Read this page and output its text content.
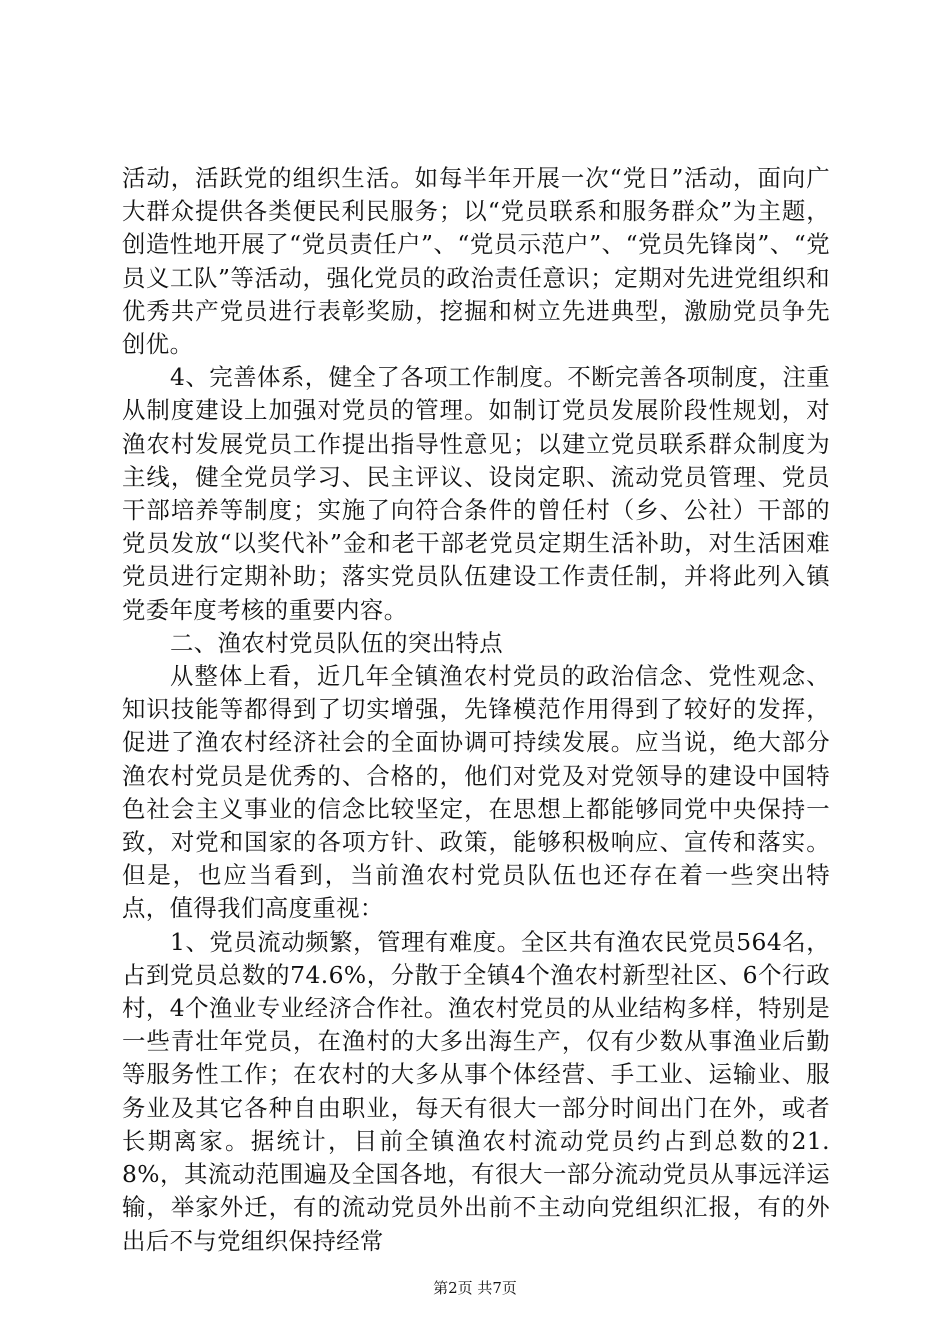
活动，活跃党的组织生活。如每半年开展一次“党日”活动，面向广大群众提供各类便民利民服务；以“党员联系和服务群众”为主题，创造性地开展了“党员责任户”、“党员示范户”、“党员先锋岗”、“党员义工队”等活动，强化党员的政治责任意识；定期对先进党组织和优秀共产党员进行表彰奖励，挖掘和树立先进典型，激励党员争先创优。

4、完善体系，健全了各项工作制度。不断完善各项制度，注重从制度建设上加强对党员的管理。如制订党员发展阶段性规划，对渔农村发展党员工作提出指导性意见；以建立党员联系群众制度为主线，健全党员学习、民主评议、设岗定职、流动党员管理、党员干部培养等制度；实施了向符合条件的曾任村（乡、公社）干部的党员发放“以奖代补”金和老干部老党员定期生活补助，对生活困难党员进行定期补助；落实党员队伍建设工作责任制，并将此列入镇党委年度考核的重要内容。

二、渔农村党员队伍的突出特点

从整体上看，近几年全镇渔农村党员的政治信念、党性观念、知识技能等都得到了切实增强，先锋模范作用得到了较好的发挥，促进了渔农村经济社会的全面协调可持续发展。应当说，绝大部分渔农村党员是优秀的、合格的，他们对党及对党领导的建设中国特色社会主义事业的信念比较坚定，在思想上都能够同党中央保持一致，对党和国家的各项方针、政策，能够积极响应、宣传和落实。但是，也应当看到，当前渔农村党员队伍也还存在着一些突出特点，值得我们高度重视：

1、党员流动频繁，管理有难度。全区共有渔农民党员564名，占到党员总数的74.6%，分散于全镇4个渔农村新型社区、6个行政村，4个渔业专业经济合作社。渔农村党员的从业结构多样，特别是一些青壮年党员，在渔村的大多出海生产，仅有少数从事渔业后勤等服务性工作；在农村的大多从事个体经营、手工业、运输业、服务业及其它各种自由职业，每天有很大一部分时间出门在外，或者长期离家。据统计，目前全镇渔农村流动党员约占到总数的21.8%，其流动范围遍及全国各地，有很大一部分流动党员从事远洋运输，举家外迁，有的流动党员外出前不主动向党组织汇报，有的外出后不与党组织保持经常

第2页 共7页
